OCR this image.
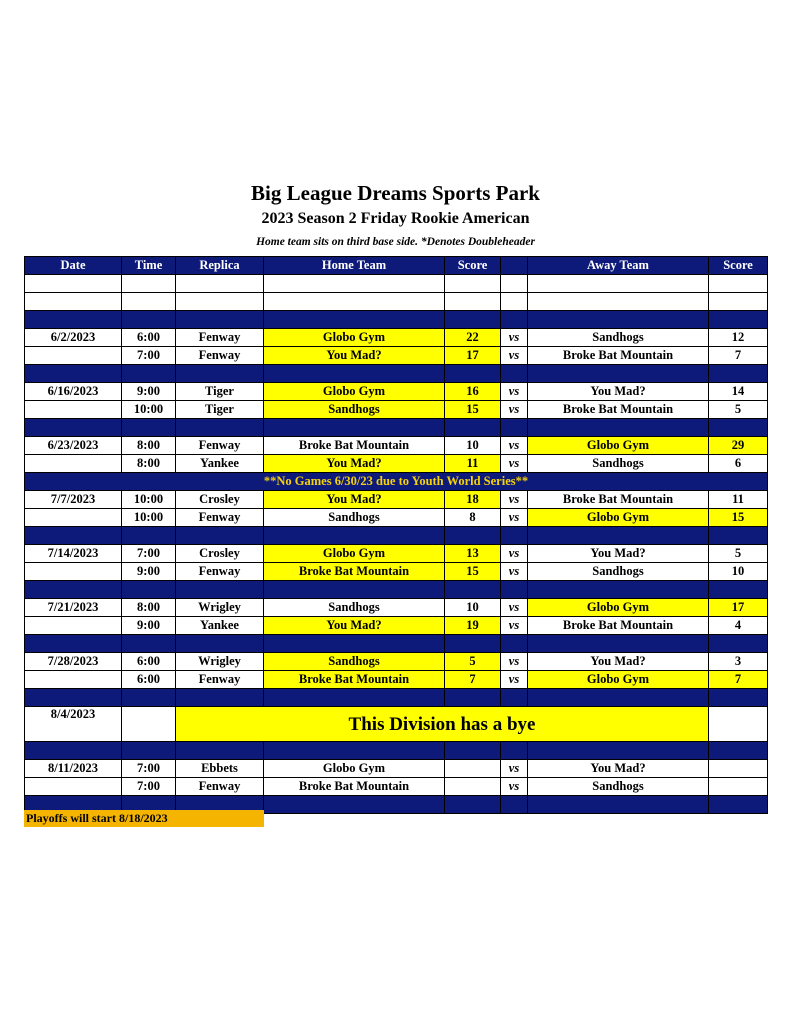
Big League Dreams Sports Park
2023 Season 2 Friday Rookie American
Home team sits on third base side. *Denotes Doubleheader
Date	Time	Replica	Home Team	Score		Away Team	Score

6/2/2023	6:00	Fenway	Globo Gym	22	vs	Sandhogs	12
	7:00	Fenway	You Mad?	17	vs	Broke Bat Mountain	7

6/16/2023	9:00	Tiger	Globo Gym	16	vs	You Mad?	14
	10:00	Tiger	Sandhogs	15	vs	Broke Bat Mountain	5

6/23/2023	8:00	Fenway	Broke Bat Mountain	10	vs	Globo Gym	29
	8:00	Yankee	You Mad?	11	vs	Sandhogs	6
**No Games 6/30/23 due to Youth World Series**							
7/7/2023	10:00	Crosley	You Mad?	18	vs	Broke Bat Mountain	11
	10:00	Fenway	Sandhogs	8	vs	Globo Gym	15

7/14/2023	7:00	Crosley	Globo Gym	13	vs	You Mad?	5
	9:00	Fenway	Broke Bat Mountain	15	vs	Sandhogs	10

7/21/2023	8:00	Wrigley	Sandhogs	10	vs	Globo Gym	17
	9:00	Yankee	You Mad?	19	vs	Broke Bat Mountain	4

7/28/2023	6:00	Wrigley	Sandhogs	5	vs	You Mad?	3
	6:00	Fenway	Broke Bat Mountain	7	vs	Globo Gym	7

8/4/2023		This Division has a bye					

8/11/2023	7:00	Ebbets	Globo Gym		vs	You Mad?	
	7:00	Fenway	Broke Bat Mountain		vs	Sandhogs	

Playoffs will start 8/18/2023
